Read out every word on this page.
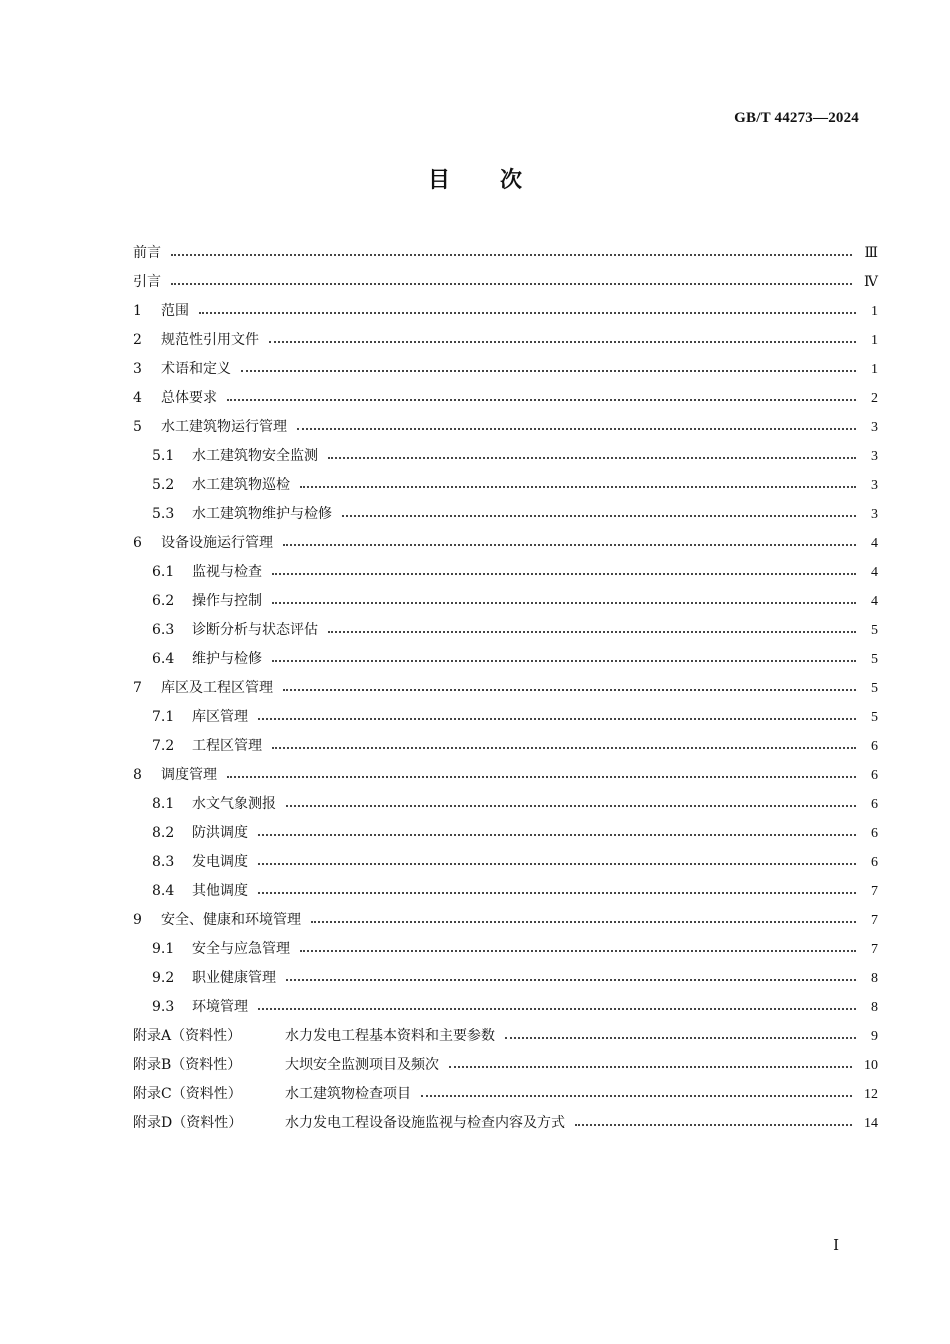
GB/T 44273—2024
目次
前言	Ⅲ
引言	Ⅳ
1	范围	1
2	规范性引用文件	1
3	术语和定义	1
4	总体要求	2
5	水工建筑物运行管理	3
5.1	水工建筑物安全监测	3
5.2	水工建筑物巡检	3
5.3	水工建筑物维护与检修	3
6	设备设施运行管理	4
6.1	监视与检查	4
6.2	操作与控制	4
6.3	诊断分析与状态评估	5
6.4	维护与检修	5
7	库区及工程区管理	5
7.1	库区管理	5
7.2	工程区管理	6
8	调度管理	6
8.1	水文气象测报	6
8.2	防洪调度	6
8.3	发电调度	6
8.4	其他调度	7
9	安全、健康和环境管理	7
9.1	安全与应急管理	7
9.2	职业健康管理	8
9.3	环境管理	8
附录A（资料性）	水力发电工程基本资料和主要参数	9
附录B（资料性）	大坝安全监测项目及频次	10
附录C（资料性）	水工建筑物检查项目	12
附录D（资料性）	水力发电工程设备设施监视与检查内容及方式	14
Ⅰ
